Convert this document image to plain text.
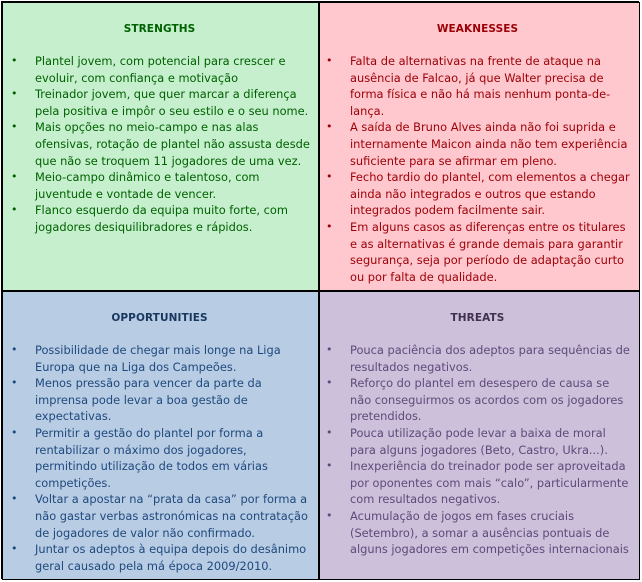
STRENGTHS
• Plantel jovem, com potencial para crescer e evoluir, com confiança e motivação
• Treinador jovem, que quer marcar a diferença pela positiva e impôr o seu estilo e o seu nome.
• Mais opções no meio-campo e nas alas ofensivas, rotação de plantel não assusta desde que não se troquem 11 jogadores de uma vez.
• Meio-campo dinâmico e talentoso, com juventude e vontade de vencer.
• Flanco esquerdo da equipa muito forte, com jogadores desiquilibradores e rápidos.
WEAKNESSES
• Falta de alternativas na frente de ataque na ausência de Falcao, já que Walter precisa de forma física e não há mais nenhum ponta-de-lança.
• A saída de Bruno Alves ainda não foi suprida e internamente Maicon ainda não tem experiência suficiente para se afirmar em pleno.
• Fecho tardio do plantel, com elementos a chegar ainda não integrados e outros que estando integrados podem facilmente sair.
• Em alguns casos as diferenças entre os titulares e as alternativas é grande demais para garantir segurança, seja por período de adaptação curto ou por falta de qualidade.
OPPORTUNITIES
• Possibilidade de chegar mais longe na Liga Europa que na Liga dos Campeões.
• Menos pressão para vencer da parte da imprensa pode levar a boa gestão de expectativas.
• Permitir a gestão do plantel por forma a rentabilizar o máximo dos jogadores, permitindo utilização de todos em várias competições.
• Voltar a apostar na “prata da casa” por forma a não gastar verbas astronómicas na contratação de jogadores de valor não confirmado.
• Juntar os adeptos à equipa depois do desânimo geral causado pela má época 2009/2010.
THREATS
• Pouca paciência dos adeptos para sequências de resultados negativos.
• Reforço do plantel em desespero de causa se não conseguirmos os acordos com os jogadores pretendidos.
• Pouca utilização pode levar a baixa de moral para alguns jogadores (Beto, Castro, Ukra...).
• Inexperiência do treinador pode ser aproveitada por oponentes com mais “calo”, particularmente com resultados negativos.
• Acumulação de jogos em fases cruciais (Setembro), a somar a ausências pontuais de alguns jogadores em competições internacionais
